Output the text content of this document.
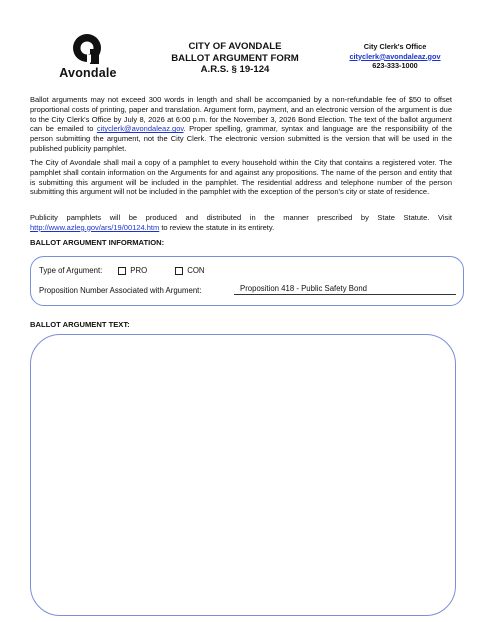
Avondale
CITY OF AVONDALE
BALLOT ARGUMENT FORM
A.R.S. § 19-124
City Clerk's Office
cityclerk@avondaleaz.gov
623-333-1000
Ballot arguments may not exceed 300 words in length and shall be accompanied by a non-refundable fee of $50 to offset proportional costs of printing, paper and translation. Argument form, payment, and an electronic version of the argument is due to the City Clerk's Office by July 8, 2026 at 6:00 p.m. for the November 3, 2026 Bond Election. The text of the ballot argument can be emailed to cityclerk@avondaleaz.gov. Proper spelling, grammar, syntax and language are the responsibility of the person submitting the argument, not the City Clerk. The electronic version submitted is the version that will be used in the published publicity pamphlet.
The City of Avondale shall mail a copy of a pamphlet to every household within the City that contains a registered voter. The pamphlet shall contain information on the Arguments for and against any propositions. The name of the person and entity that is submitting this argument will be included in the pamphlet. The residential address and telephone number of the person submitting this argument will not be included in the pamphlet with the exception of the person's city or state of residence.
Publicity pamphlets will be produced and distributed in the manner prescribed by State Statute. Visit http://www.azleg.gov/ars/19/00124.htm to review the statute in its entirety.
BALLOT ARGUMENT INFORMATION:
Type of Argument:	PRO	CON
Proposition Number Associated with Argument:	Proposition 418 - Public Safety Bond
BALLOT ARGUMENT TEXT:
